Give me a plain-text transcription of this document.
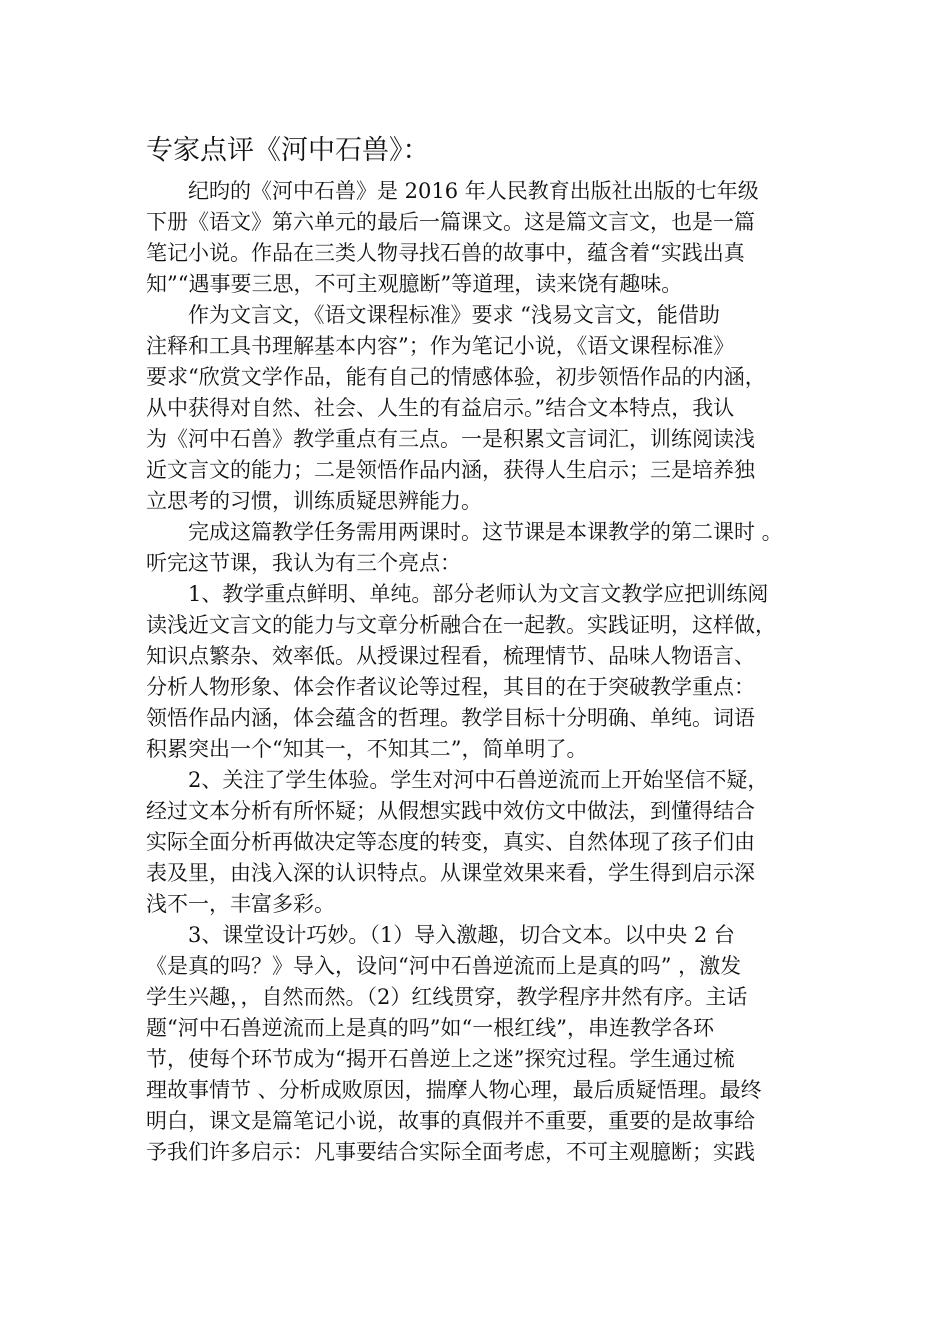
专家点评《河中石兽》：
　　纪昀的《河中石兽》是 2016 年人民教育出版社出版的七年级
下册《语文》第六单元的最后一篇课文。这是篇文言文，也是一篇
笔记小说。作品在三类人物寻找石兽的故事中，蕴含着“实践出真
知”“遇事要三思，不可主观臆断”等道理，读来饶有趣味。
　　作为文言文，《语文课程标准》要求 “浅易文言文，能借助
注释和工具书理解基本内容”；作为笔记小说，《语文课程标准》
要求“欣赏文学作品，能有自己的情感体验，初步领悟作品的内涵，
从中获得对自然、社会、人生的有益启示。”结合文本特点，我认
为《河中石兽》教学重点有三点。一是积累文言词汇，训练阅读浅
近文言文的能力；二是领悟作品内涵，获得人生启示；三是培养独
立思考的习惯，训练质疑思辨能力。
　　完成这篇教学任务需用两课时。这节课是本课教学的第二课时 。
听完这节课，我认为有三个亮点：
　　1、教学重点鲜明、单纯。部分老师认为文言文教学应把训练阅
读浅近文言文的能力与文章分析融合在一起教。实践证明，这样做，
知识点繁杂、效率低。从授课过程看，梳理情节、品味人物语言、
分析人物形象、体会作者议论等过程，其目的在于突破教学重点：
领悟作品内涵，体会蕴含的哲理。教学目标十分明确、单纯。词语
积累突出一个“知其一，不知其二”，简单明了。
　　2、关注了学生体验。学生对河中石兽逆流而上开始坚信不疑，
经过文本分析有所怀疑；从假想实践中效仿文中做法，到懂得结合
实际全面分析再做决定等态度的转变，真实、自然体现了孩子们由
表及里，由浅入深的认识特点。从课堂效果来看，学生得到启示深
浅不一，丰富多彩。
　　3、课堂设计巧妙。（1）导入激趣，切合文本。以中央 2 台
《是真的吗？》导入，设问“河中石兽逆流而上是真的吗” ，激发
学生兴趣，，自然而然。（2）红线贯穿，教学程序井然有序。主话
题“河中石兽逆流而上是真的吗”如“一根红线”，串连教学各环
节，使每个环节成为“揭开石兽逆上之迷”探究过程。学生通过梳
理故事情节 、分析成败原因，揣摩人物心理，最后质疑悟理。最终
明白，课文是篇笔记小说，故事的真假并不重要，重要的是故事给
予我们许多启示：凡事要结合实际全面考虑，不可主观臆断；实践
